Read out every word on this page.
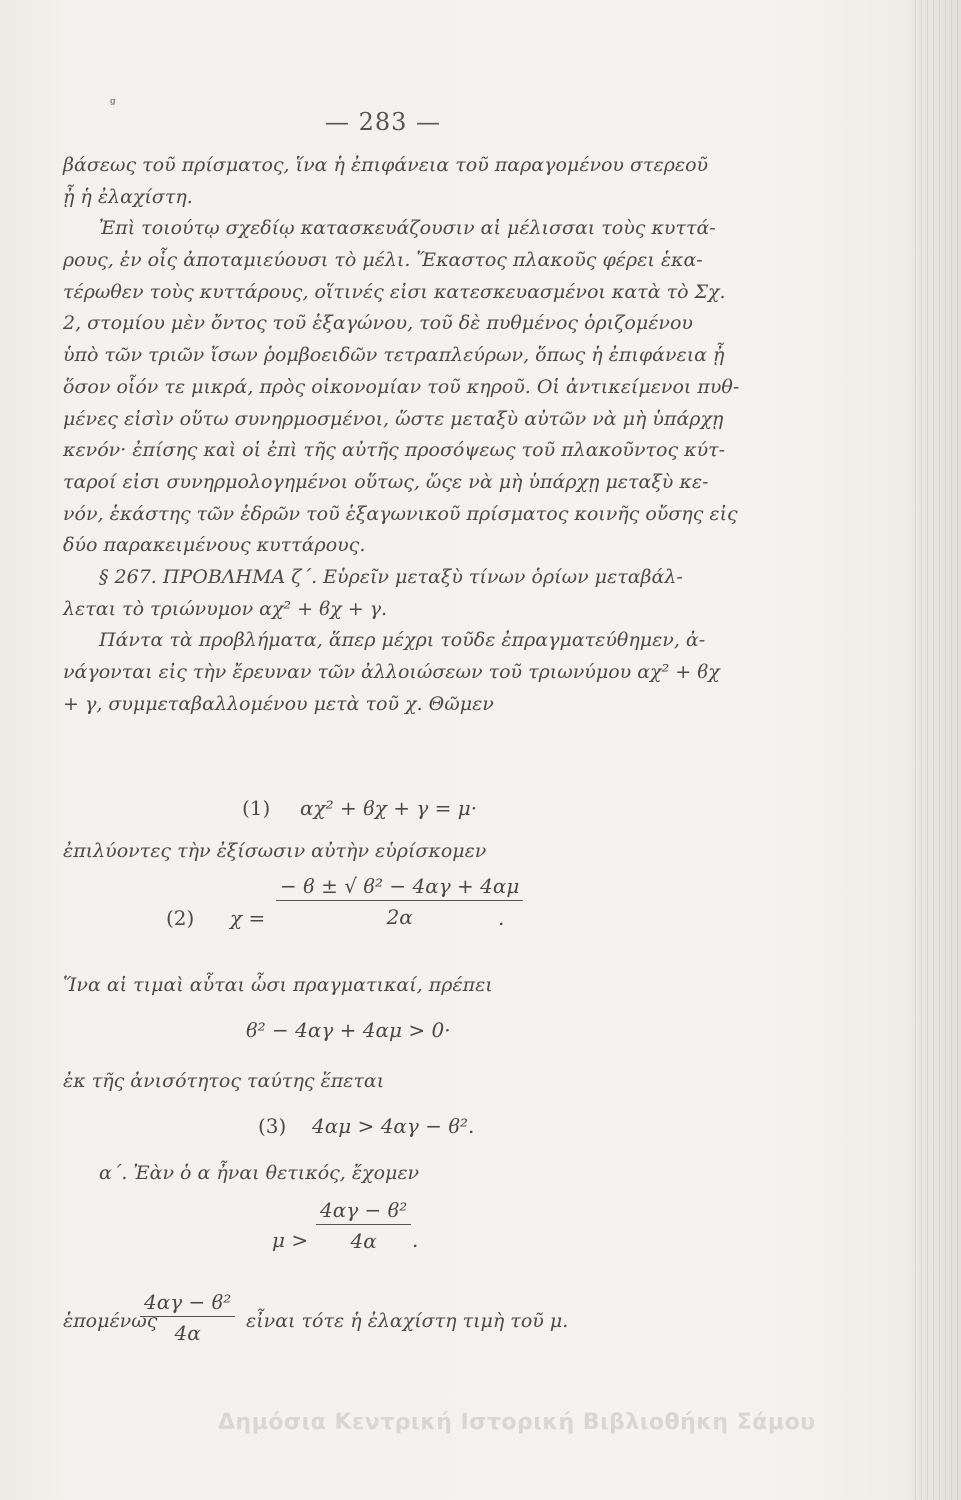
ᵍ
— 283 —
βάσεως τοῦ πρίσματος, ἵνα ἡ ἐπιφάνεια τοῦ παραγομένου στερεοῦ
ᾖ ἡ ἐλαχίστη.
Ἐπὶ τοιούτῳ σχεδίῳ κατασκευάζουσιν αἱ μέλισσαι τοὺς κυττά-
ρους, ἐν οἷς ἀποταμιεύουσι τὸ μέλι. Ἕκαστος πλακοῦς φέρει ἑκα-
τέρωθεν τοὺς κυττάρους, οἵτινές εἰσι κατεσκευασμένοι κατὰ τὸ Σχ.
2, στομίου μὲν ὄντος τοῦ ἑξαγώνου, τοῦ δὲ πυθμένος ὁριζομένου
ὑπὸ τῶν τριῶν ἴσων ῥομβοειδῶν τετραπλεύρων, ὅπως ἡ ἐπιφάνεια ᾖ
ὅσον οἷόν τε μικρά, πρὸς οἰκονομίαν τοῦ κηροῦ. Οἱ ἀντικείμενοι πυθ-
μένες εἰσὶν οὕτω συνηρμοσμένοι, ὥστε μεταξὺ αὐτῶν νὰ μὴ ὑπάρχῃ
κενόν· ἐπίσης καὶ οἱ ἐπὶ τῆς αὐτῆς προσόψεως τοῦ πλακοῦντος κύτ-
ταροί εἰσι συνηρμολογημένοι οὕτως, ὥςε νὰ μὴ ὑπάρχῃ μεταξὺ κε-
νόν, ἑκάστης τῶν ἑδρῶν τοῦ ἑξαγωνικοῦ πρίσματος κοινῆς οὔσης εἰς
δύο παρακειμένους κυττάρους.
§ 267. ΠΡΟΒΛΗΜΑ ζ΄. Εὑρεῖν μεταξὺ τίνων ὁρίων μεταβάλ-
λεται τὸ τριώνυμον αχ² + ϐχ + γ.
Πάντα τὰ προβλήματα, ἅπερ μέχρι τοῦδε ἐπραγματεύθημεν, ἀ-
νάγονται εἰς τὴν ἔρευναν τῶν ἀλλοιώσεων τοῦ τριωνύμου αχ² + ϐχ
+ γ, συμμεταβαλλομένου μετὰ τοῦ χ. Θῶμεν
(1) αχ² + ϐχ + γ = μ·
ἐπιλύοντες τὴν ἐξίσωσιν αὐτὴν εὑρίσκομεν
(2) $\chi = \frac{\text{− ϐ ± √ ϐ² − 4αγ + 4αμ}}{2\alpha}$
.
Ἵνα αἱ τιμαὶ αὗται ὦσι πραγματικαί, πρέπει
ϐ² − 4αγ + 4αμ > 0·
ἐκ τῆς ἀνισότητος ταύτης ἕπεται
(3) 4αμ > 4αγ − ϐ².
α΄. Ἐὰν ὁ α ἦναι θετικός, ἔχομεν
$\mu > \frac{\text{4αγ − ϐ²}}{4\alpha}$ .
ἑπομένως
$\frac{\text{4αγ − ϐ²}}{4\alpha}$ εἶναι τότε ἡ ἐλαχίστη τιμὴ τοῦ μ.
Δημόσια Κεντρική Ιστορική Βιβλιοθήκη Σάμου
